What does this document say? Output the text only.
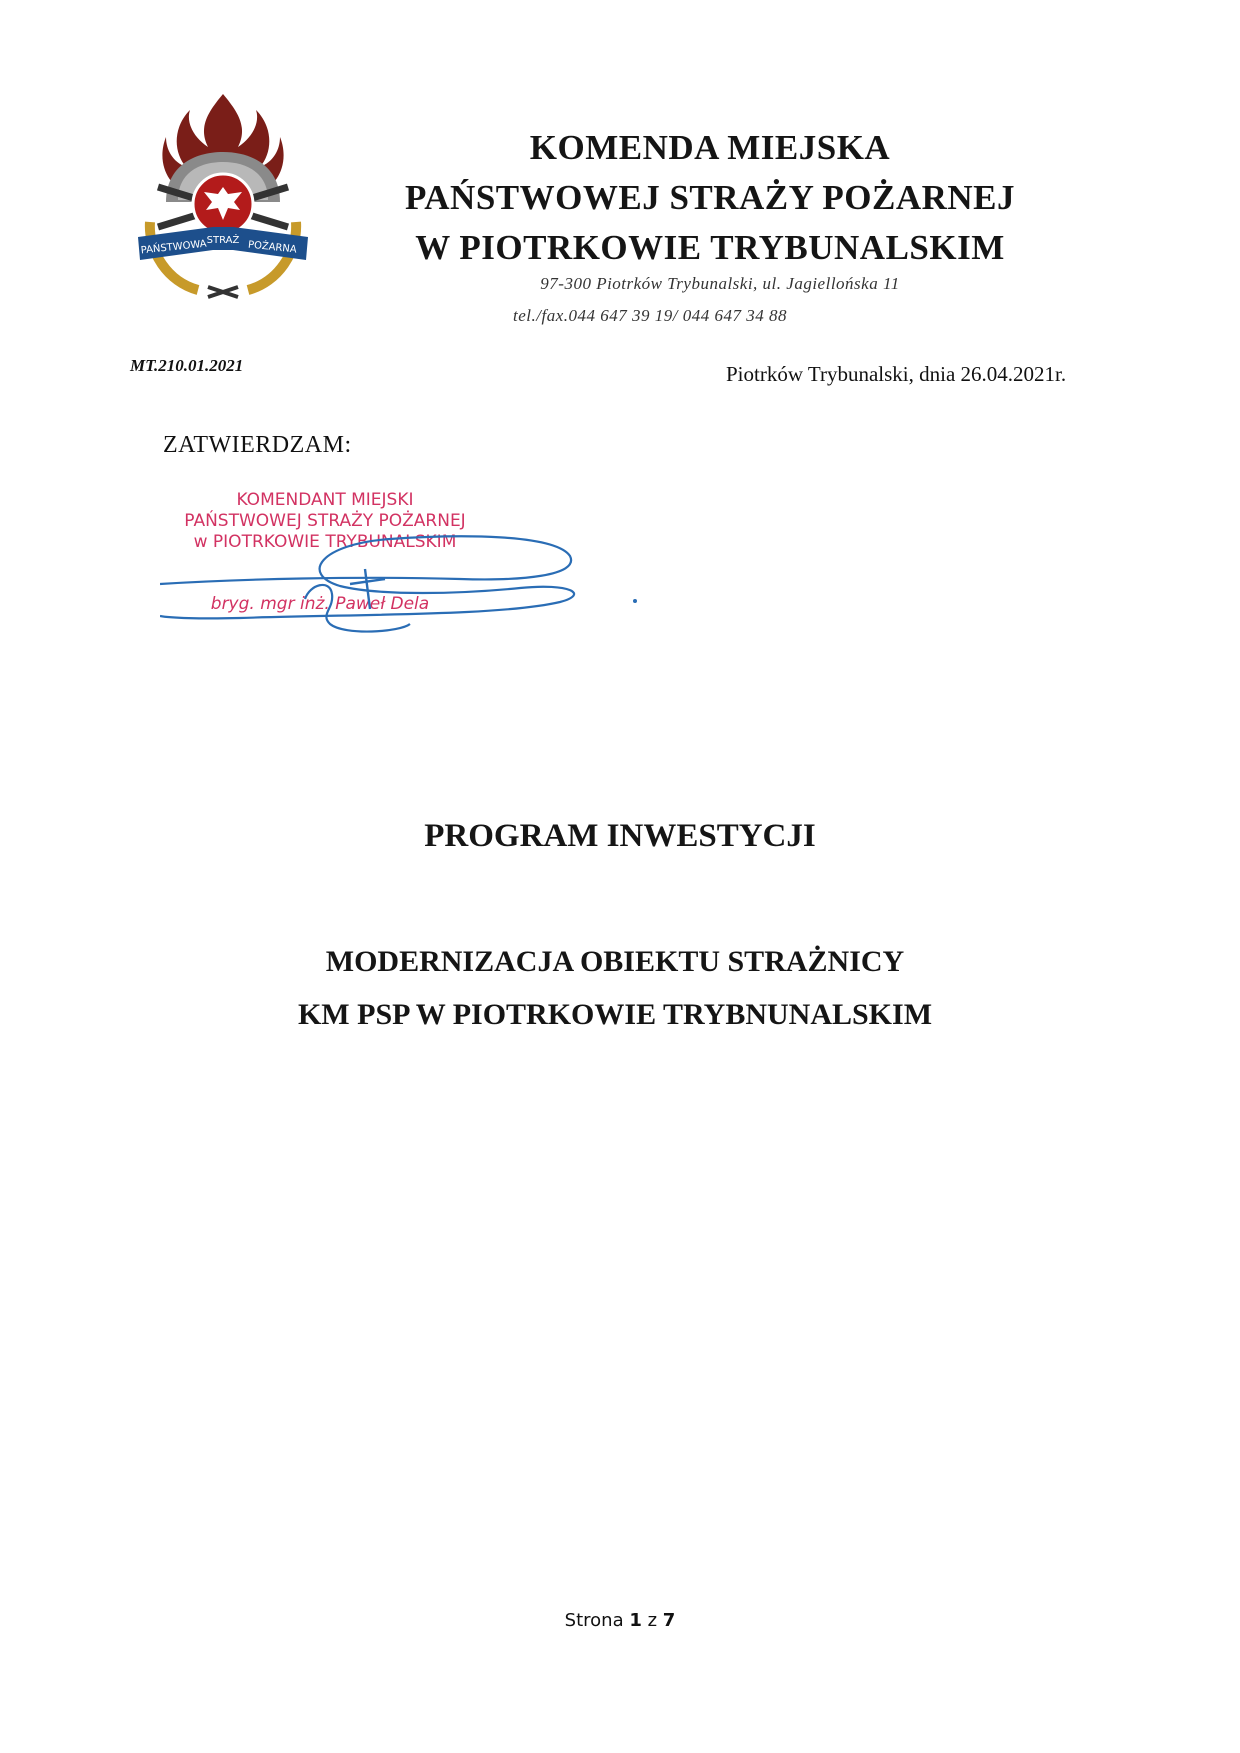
PAŃSTWOWA STRAŻ POŻARNA
KOMENDA MIEJSKA
PAŃSTWOWEJ STRAŻY POŻARNEJ
W PIOTRKOWIE TRYBUNALSKIM
97-300 Piotrków Trybunalski, ul. Jagiellońska 11
tel./fax.044 647 39 19/ 044 647 34 88
MT.210.01.2021	Piotrków Trybunalski, dnia 26.04.2021r.
ZATWIERDZAM:
KOMENDANT MIEJSKI
PAŃSTWOWEJ STRAŻY POŻARNEJ
w PIOTRKOWIE TRYBUNALSKIM
bryg. mgr inż. Paweł Dela
PROGRAM INWESTYCJI
MODERNIZACJA OBIEKTU STRAŻNICY
KM PSP W PIOTRKOWIE TRYBNUNALSKIM
Strona 1 z 7
